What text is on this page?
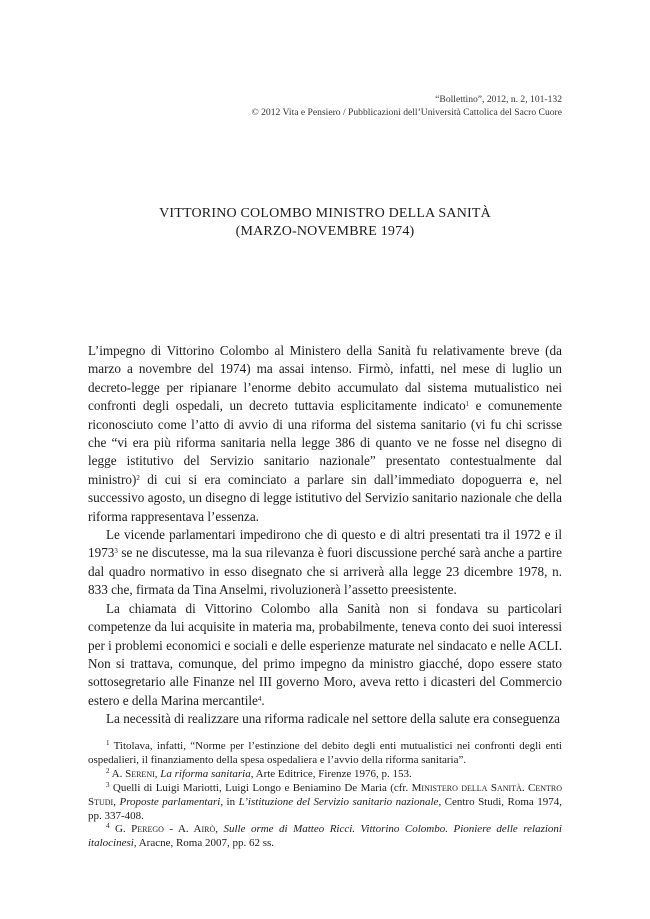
“Bollettino”, 2012, n. 2, 101-132
© 2012 Vita e Pensiero / Pubblicazioni dell’Università Cattolica del Sacro Cuore
VITTORINO COLOMBO MINISTRO DELLA SANITÀ
(MARZO-NOVEMBRE 1974)

L’impegno di Vittorino Colombo al Ministero della Sanità fu relativamente breve (da marzo a novembre del 1974) ma assai intenso. Firmò, infatti, nel mese di luglio un decreto-legge per ripianare l’enorme debito accumulato dal sistema mutualistico nei confronti degli ospedali, un decreto tuttavia esplicitamente indicato$^1$ e comunemente riconosciuto come l’atto di avvio di una riforma del sistema sanitario (vi fu chi scrisse che “vi era più riforma sanitaria nella legge 386 di quanto ve ne fosse nel disegno di legge istitutivo del Servizio sanitario nazionale” presentato contestualmente dal ministro)$^2$ di cui si era cominciato a parlare sin dall’immediato dopoguerra e, nel successivo agosto, un disegno di legge istitutivo del Servizio sanitario nazionale che della riforma rappresentava l’essenza.

Le vicende parlamentari impedirono che di questo e di altri presentati tra il 1972 e il 1973$^3$ se ne discutesse, ma la sua rilevanza è fuori discussione perché sarà anche a partire dal quadro normativo in esso disegnato che si arriverà alla legge 23 dicembre 1978, n. 833 che, firmata da Tina Anselmi, rivoluzionerà l’assetto preesistente.

La chiamata di Vittorino Colombo alla Sanità non si fondava su particolari competenze da lui acquisite in materia ma, probabilmente, teneva conto dei suoi interessi per i problemi economici e sociali e delle esperienze maturate nel sindacato e nelle ACLI. Non si trattava, comunque, del primo impegno da ministro giacché, dopo essere stato sottosegretario alle Finanze nel III governo Moro, aveva retto i dicasteri del Commercio estero e della Marina mercantile$^4$.

La necessità di realizzare una riforma radicale nel settore della salute era conseguenza

$^1$ Titolava, infatti, “Norme per l’estinzione del debito degli enti mutualistici nei confronti degli enti ospedalieri, il finanziamento della spesa ospedaliera e l’avvio della riforma sanitaria”.

$^2$ A. Sereni, La riforma sanitaria, Arte Editrice, Firenze 1976, p. 153.

$^3$ Quelli di Luigi Mariotti, Luigi Longo e Beniamino De Maria (cfr. Ministero della Sanità. Centro Studi, Proposte parlamentari, in L’istituzione del Servizio sanitario nazionale, Centro Studi, Roma 1974, pp. 337-408.

$^4$ G. Perego - A. Airò, Sulle orme di Matteo Ricci. Vittorino Colombo. Pioniere delle relazioni italocinesi, Aracne, Roma 2007, pp. 62 ss.
